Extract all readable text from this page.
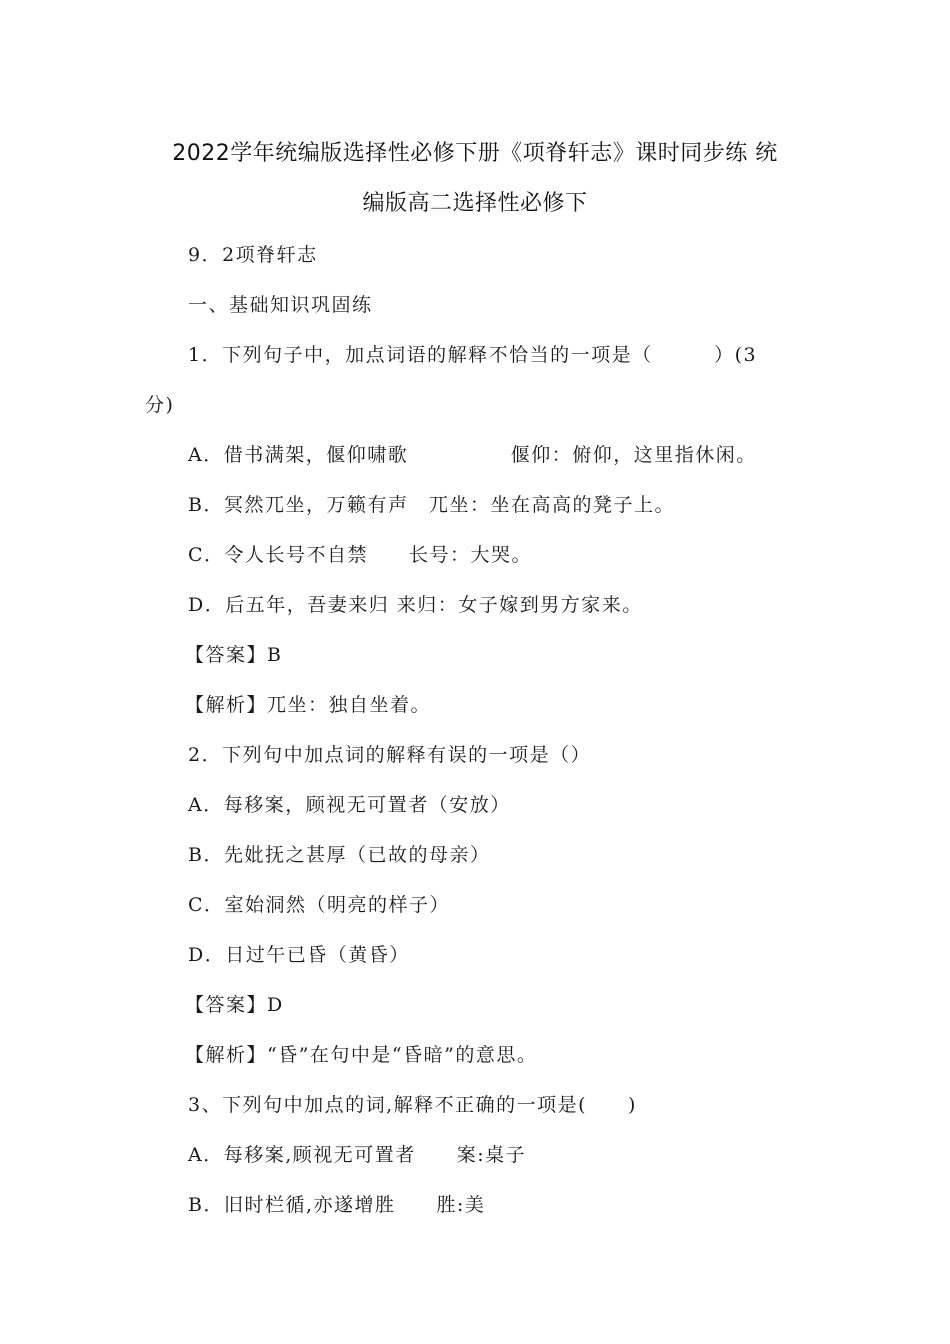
2022学年统编版选择性必修下册《项脊轩志》课时同步练 统
编版高二选择性必修下
9．2项脊轩志
一、基础知识巩固练
1．下列句子中，加点词语的解释不恰当的一项是（　　　）(3
分)
A．借书满架，偃仰啸歌　　　　　偃仰：俯仰，这里指休闲。
B．冥然兀坐，万籁有声　兀坐：坐在高高的凳子上。
C．令人长号不自禁　　长号：大哭。
D．后五年，吾妻来归 来归：女子嫁到男方家来。
【答案】B
【解析】兀坐：独自坐着。
2．下列句中加点词的解释有误的一项是（）
A．每移案，顾视无可置者（安放）
B．先妣抚之甚厚（已故的母亲）
C．室始洞然（明亮的样子）
D．日过午已昏（黄昏）
【答案】D
【解析】“昏”在句中是“昏暗”的意思。
3、下列句中加点的词,解释不正确的一项是(　　)
A．每移案,顾视无可置者　　案:桌子
B．旧时栏循,亦遂增胜　　胜:美
